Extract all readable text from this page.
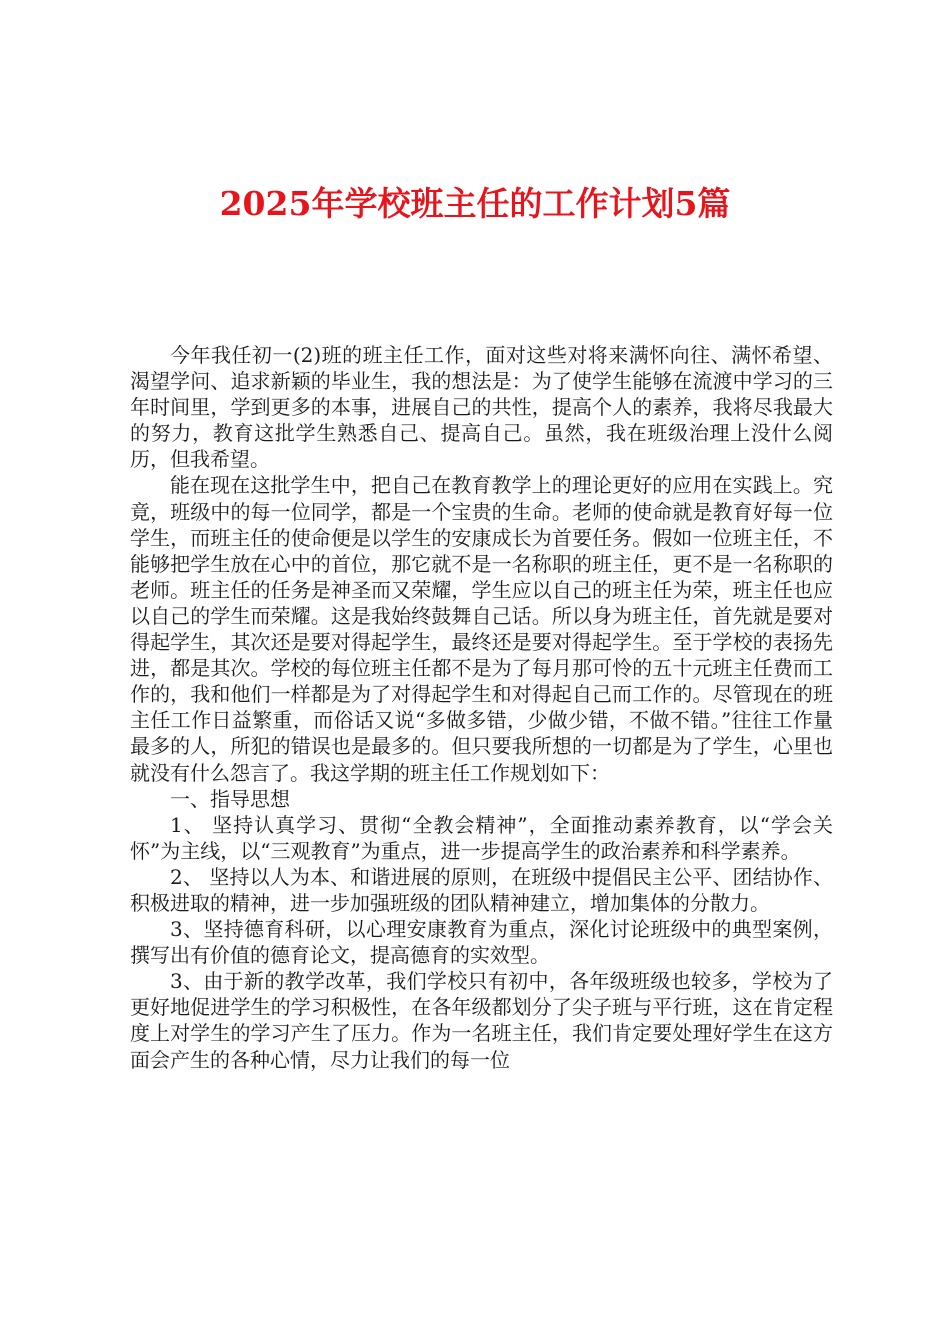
2025年学校班主任的工作计划5篇

今年我任初一(2)班的班主任工作，面对这些对将来满怀向往、满怀希望、渴望学问、追求新颖的毕业生，我的想法是：为了使学生能够在流渡中学习的三年时间里，学到更多的本事，进展自己的共性，提高个人的素养，我将尽我最大的努力，教育这批学生熟悉自己、提高自己。虽然，我在班级治理上没什么阅历，但我希望。

能在现在这批学生中，把自己在教育教学上的理论更好的应用在实践上。究竟，班级中的每一位同学，都是一个宝贵的生命。老师的使命就是教育好每一位学生，而班主任的使命便是以学生的安康成长为首要任务。假如一位班主任，不能够把学生放在心中的首位，那它就不是一名称职的班主任，更不是一名称职的老师。班主任的任务是神圣而又荣耀，学生应以自己的班主任为荣，班主任也应以自己的学生而荣耀。这是我始终鼓舞自己话。所以身为班主任，首先就是要对得起学生，其次还是要对得起学生，最终还是要对得起学生。至于学校的表扬先进，都是其次。学校的每位班主任都不是为了每月那可怜的五十元班主任费而工作的，我和他们一样都是为了对得起学生和对得起自己而工作的。尽管现在的班主任工作日益繁重，而俗话又说“多做多错，少做少错，不做不错。”往往工作量最多的人，所犯的错误也是最多的。但只要我所想的一切都是为了学生，心里也就没有什么怨言了。我这学期的班主任工作规划如下：

一、指导思想

1、 坚持认真学习、贯彻“全教会精神”，全面推动素养教育，以“学会关怀”为主线，以“三观教育”为重点，进一步提高学生的政治素养和科学素养。

2、 坚持以人为本、和谐进展的原则，在班级中提倡民主公平、团结协作、积极进取的精神，进一步加强班级的团队精神建立，增加集体的分散力。

3、坚持德育科研，以心理安康教育为重点，深化讨论班级中的典型案例，撰写出有价值的德育论文，提高德育的实效型。

3、由于新的教学改革，我们学校只有初中，各年级班级也较多，学校为了更好地促进学生的学习积极性，在各年级都划分了尖子班与平行班，这在肯定程度上对学生的学习产生了压力。作为一名班主任，我们肯定要处理好学生在这方面会产生的各种心情，尽力让我们的每一位
